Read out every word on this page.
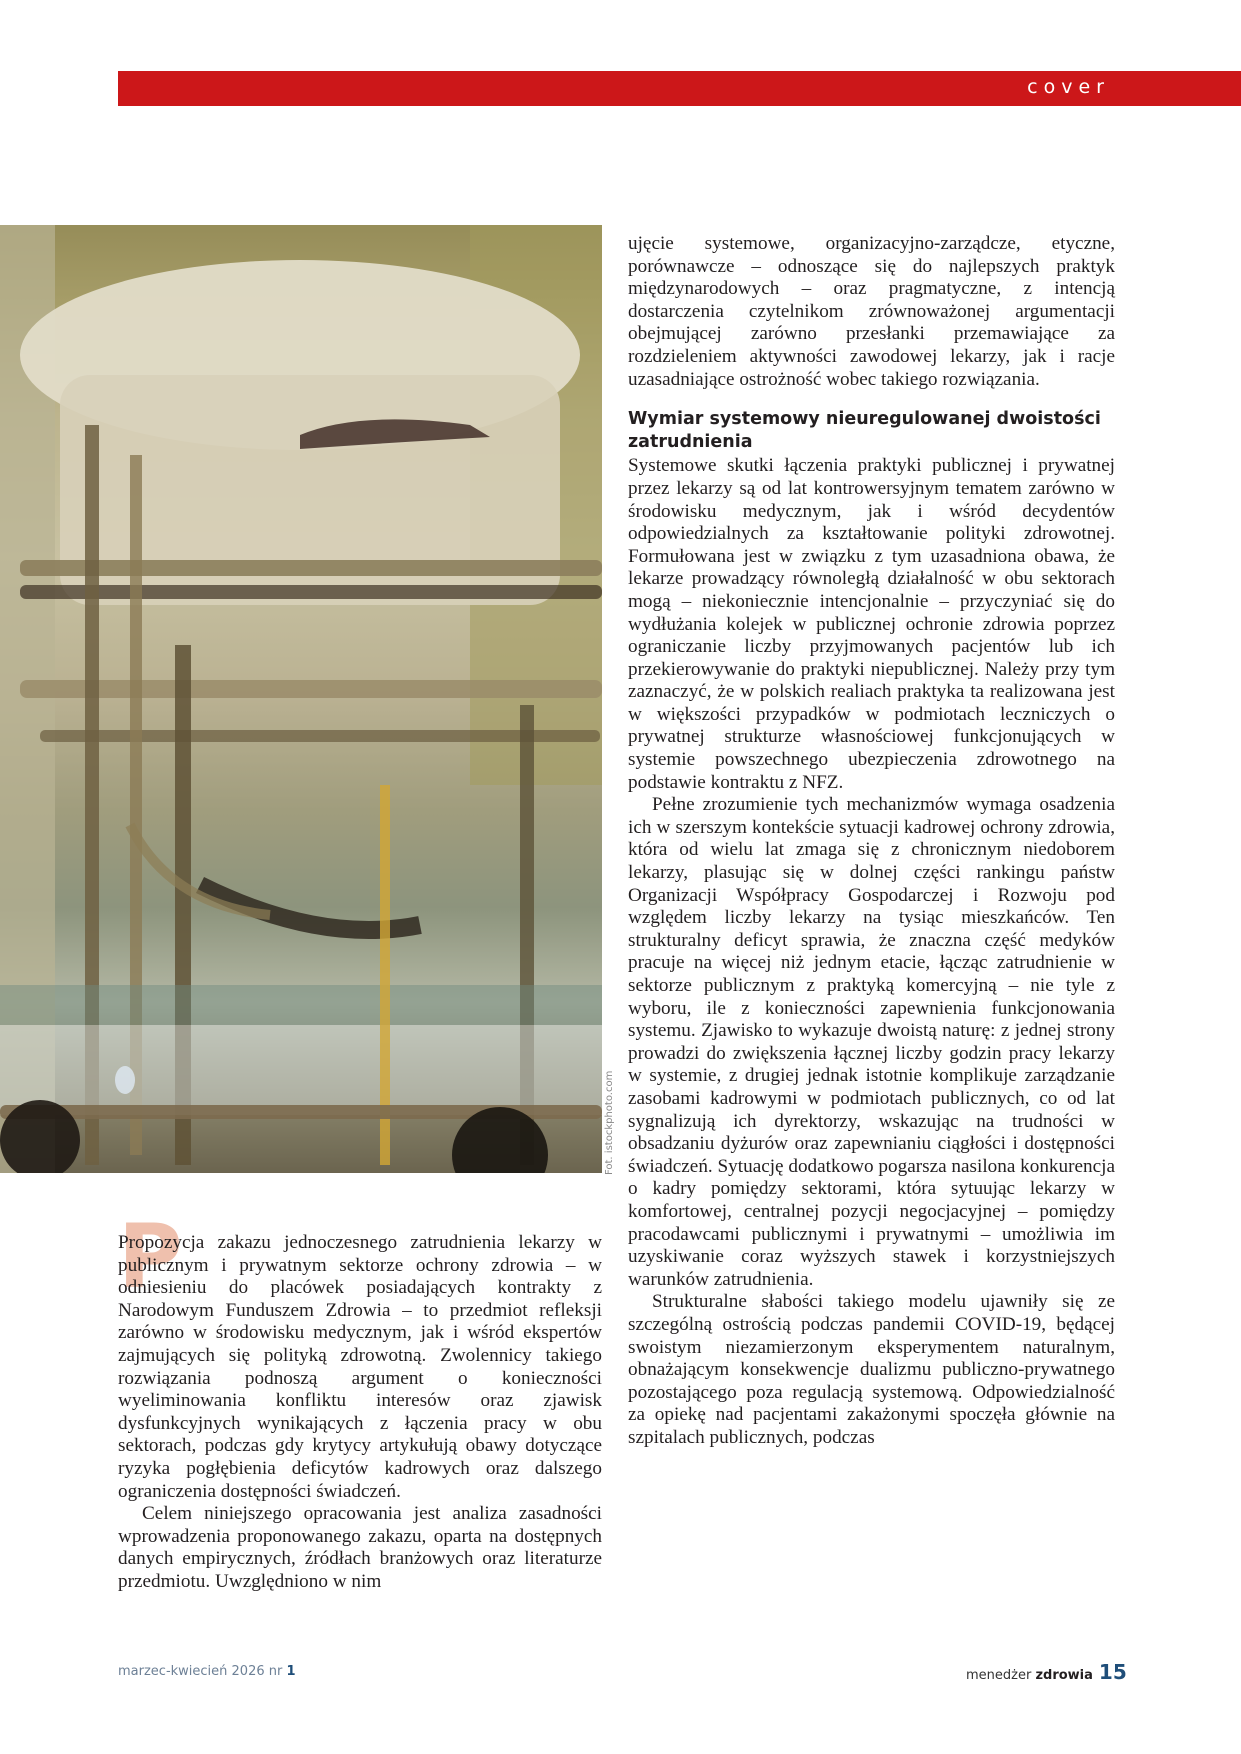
cover
Fot. istockphoto.com

ujęcie systemowe, organizacyjno-zarządcze, etyczne, porównawcze – odnoszące się do najlepszych praktyk międzynarodowych – oraz pragmatyczne, z intencją dostarczenia czytelnikom zrównoważonej argumentacji obejmującej zarówno przesłanki przemawiające za rozdzieleniem aktywności zawodowej lekarzy, jak i racje uzasadniające ostrożność wobec takiego rozwiązania.

Wymiar systemowy nieuregulowanej dwoistości zatrudnienia

Systemowe skutki łączenia praktyki publicznej i prywatnej przez lekarzy są od lat kontrowersyjnym tematem zarówno w środowisku medycznym, jak i wśród decydentów odpowiedzialnych za kształtowanie polityki zdrowotnej. Formułowana jest w związku z tym uzasadniona obawa, że lekarze prowadzący równoległą działalność w obu sektorach mogą – niekoniecznie intencjonalnie – przyczyniać się do wydłużania kolejek w publicznej ochronie zdrowia poprzez ograniczanie liczby przyjmowanych pacjentów lub ich przekierowywanie do praktyki niepublicznej. Należy przy tym zaznaczyć, że w polskich realiach praktyka ta realizowana jest w większości przypadków w podmiotach leczniczych o prywatnej strukturze własnościowej funkcjonujących w systemie powszechnego ubezpieczenia zdrowotnego na podstawie kontraktu z NFZ.

Pełne zrozumienie tych mechanizmów wymaga osadzenia ich w szerszym kontekście sytuacji kadrowej ochrony zdrowia, która od wielu lat zmaga się z chronicznym niedoborem lekarzy, plasując się w dolnej części rankingu państw Organizacji Współpracy Gospodarczej i Rozwoju pod względem liczby lekarzy na tysiąc mieszkańców. Ten strukturalny deficyt sprawia, że znaczna część medyków pracuje na więcej niż jednym etacie, łącząc zatrudnienie w sektorze publicznym z praktyką komercyjną – nie tyle z wyboru, ile z konieczności zapewnienia funkcjonowania systemu. Zjawisko to wykazuje dwoistą naturę: z jednej strony prowadzi do zwiększenia łącznej liczby godzin pracy lekarzy w systemie, z drugiej jednak istotnie komplikuje zarządzanie zasobami kadrowymi w podmiotach publicznych, co od lat sygnalizują ich dyrektorzy, wskazując na trudności w obsadzaniu dyżurów oraz zapewnianiu ciągłości i dostępności świadczeń. Sytuację dodatkowo pogarsza nasilona konkurencja o kadry pomiędzy sektorami, która sytuując lekarzy w komfortowej, centralnej pozycji negocjacyjnej – pomiędzy pracodawcami publicznymi i prywatnymi – umożliwia im uzyskiwanie coraz wyższych stawek i korzystniejszych warunków zatrudnienia.

Strukturalne słabości takiego modelu ujawniły się ze szczególną ostrością podczas pandemii COVID-19, będącej swoistym niezamierzonym eksperymentem naturalnym, obnażającym konsekwencje dualizmu publiczno-prywatnego pozostającego poza regulacją systemową. Odpowiedzialność za opiekę nad pacjentami zakażonymi spoczęła głównie na szpitalach publicznych, podczas

P

Propozycja zakazu jednoczesnego zatrudnienia lekarzy w publicznym i prywatnym sektorze ochrony zdrowia – w odniesieniu do placówek posiadających kontrakty z Narodowym Funduszem Zdrowia – to przedmiot refleksji zarówno w środowisku medycznym, jak i wśród ekspertów zajmujących się polityką zdrowotną. Zwolennicy takiego rozwiązania podnoszą argument o konieczności wyeliminowania konfliktu interesów oraz zjawisk dysfunkcyjnych wynikających z łączenia pracy w obu sektorach, podczas gdy krytycy artykułują obawy dotyczące ryzyka pogłębienia deficytów kadrowych oraz dalszego ograniczenia dostępności świadczeń.

Celem niniejszego opracowania jest analiza zasadności wprowadzenia proponowanego zakazu, oparta na dostępnych danych empirycznych, źródłach branżowych oraz literaturze przedmiotu. Uwzględniono w nim

marzec-kwiecień 2026 nr 1	menedżer zdrowia 15
